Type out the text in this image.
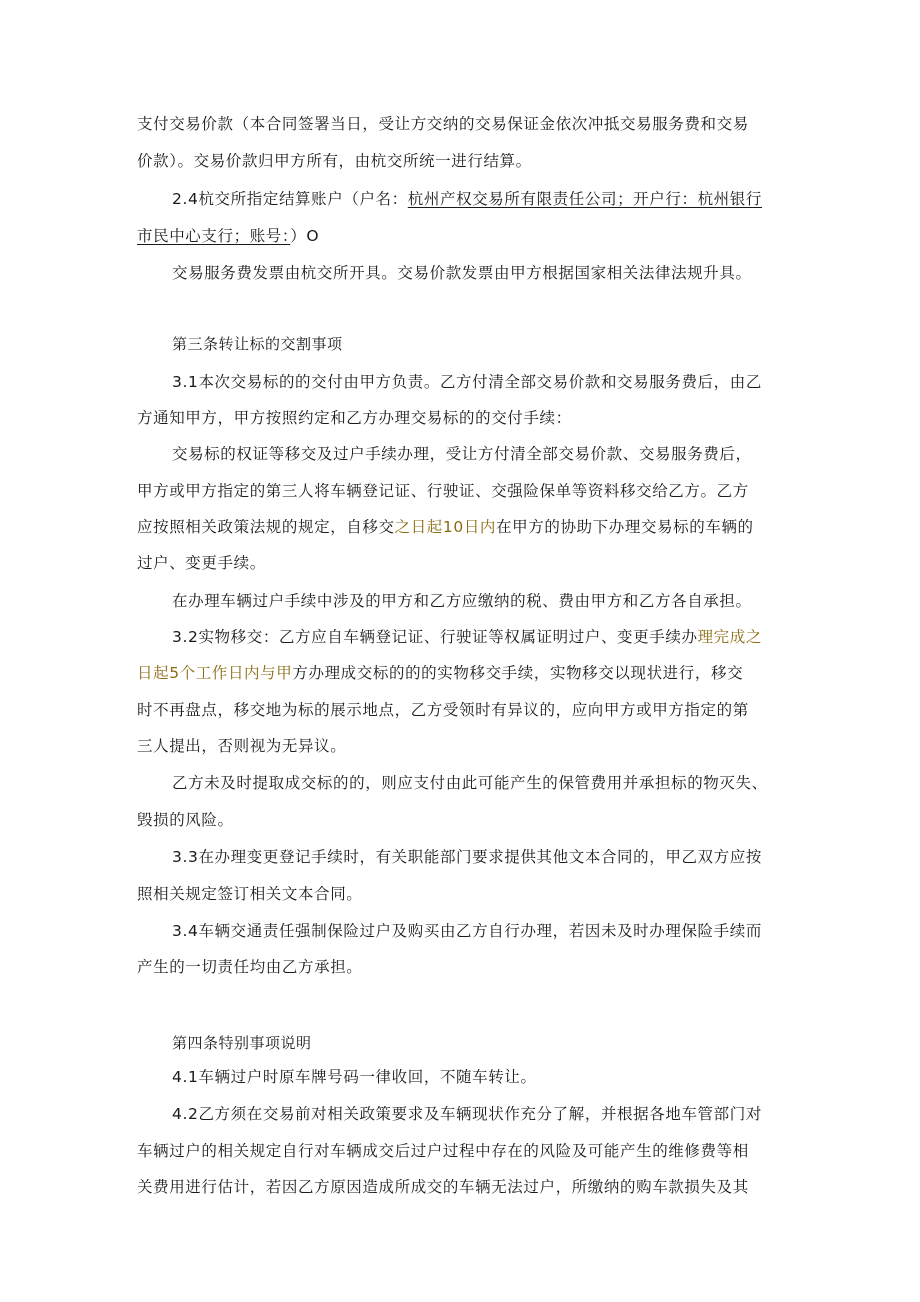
支付交易价款（本合同签署当日，受让方交纳的交易保证金依次冲抵交易服务费和交易
价款）。交易价款归甲方所有，由杭交所统一进行结算。
2.4杭交所指定结算账户（户名：杭州产权交易所有限责任公司；开户行：杭州银行
市民中心支行；账号：）O
交易服务费发票由杭交所开具。交易价款发票由甲方根据国家相关法律法规升具。
第三条转让标的交割事项
3.1本次交易标的的交付由甲方负责。乙方付清全部交易价款和交易服务费后，由乙
方通知甲方，甲方按照约定和乙方办理交易标的的交付手续：
交易标的权证等移交及过户手续办理，受让方付清全部交易价款、交易服务费后，
甲方或甲方指定的第三人将车辆登记证、行驶证、交强险保单等资料移交给乙方。乙方
应按照相关政策法规的规定，自移交之日起10日内在甲方的协助下办理交易标的车辆的
过户、变更手续。
在办理车辆过户手续中涉及的甲方和乙方应缴纳的税、费由甲方和乙方各自承担。
3.2实物移交：乙方应自车辆登记证、行驶证等权属证明过户、变更手续办理完成之
日起5个工作日内与甲方办理成交标的的的实物移交手续，实物移交以现状进行，移交
时不再盘点，移交地为标的展示地点，乙方受领时有异议的，应向甲方或甲方指定的第
三人提出，否则视为无异议。
乙方未及时提取成交标的的，则应支付由此可能产生的保管费用并承担标的物灭失、
毁损的风险。
3.3在办理变更登记手续时，有关职能部门要求提供其他文本合同的，甲乙双方应按
照相关规定签订相关文本合同。
3.4车辆交通责任强制保险过户及购买由乙方自行办理，若因未及时办理保险手续而
产生的一切责任均由乙方承担。
第四条特别事项说明
4.1车辆过户时原车牌号码一律收回，不随车转让。
4.2乙方须在交易前对相关政策要求及车辆现状作充分了解，并根据各地车管部门对
车辆过户的相关规定自行对车辆成交后过户过程中存在的风险及可能产生的维修费等相
关费用进行估计，若因乙方原因造成所成交的车辆无法过户，所缴纳的购车款损失及其
